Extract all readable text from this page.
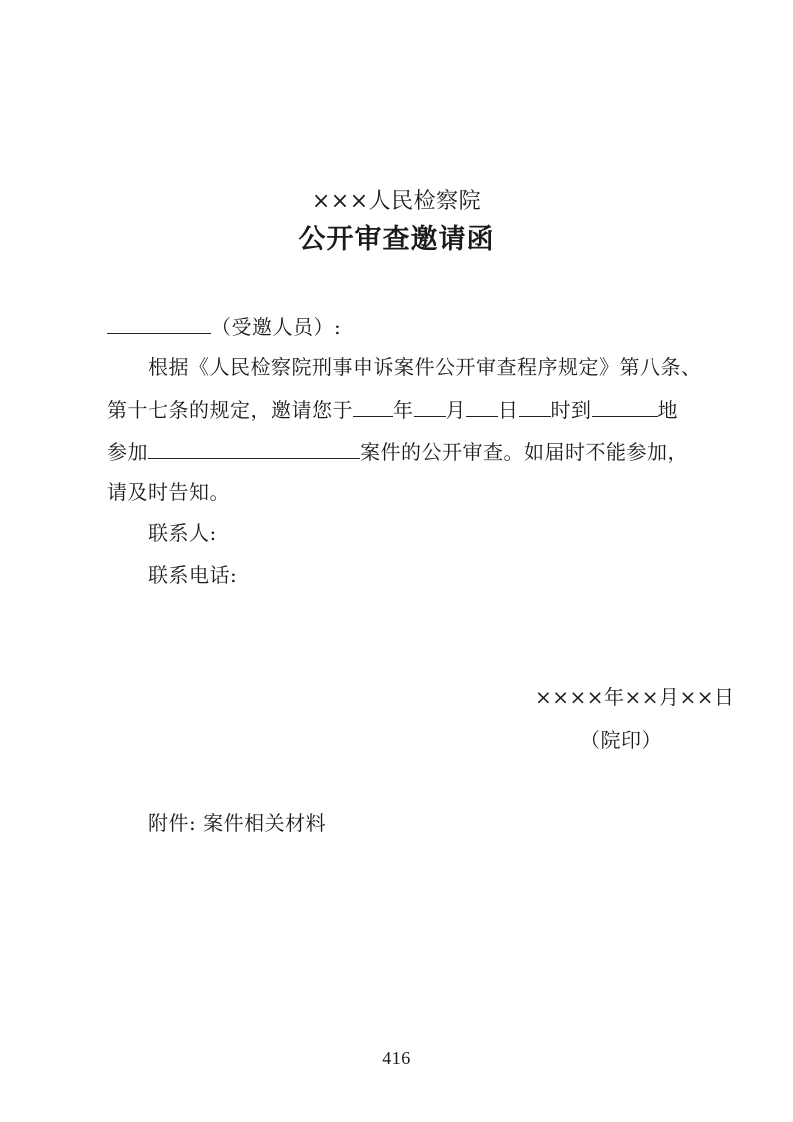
×××人民检察院
公开审查邀请函
（受邀人员）:
根据《人民检察院刑事申诉案件公开审查程序规定》第八条、
第十七条的规定，邀请您于 年 月 日 时到	地
参加	案件的公开审查。如届时不能参加，
请及时告知。
联系人:
联系电话:
××××年××月××日
（院印）
附件: 案件相关材料
416
